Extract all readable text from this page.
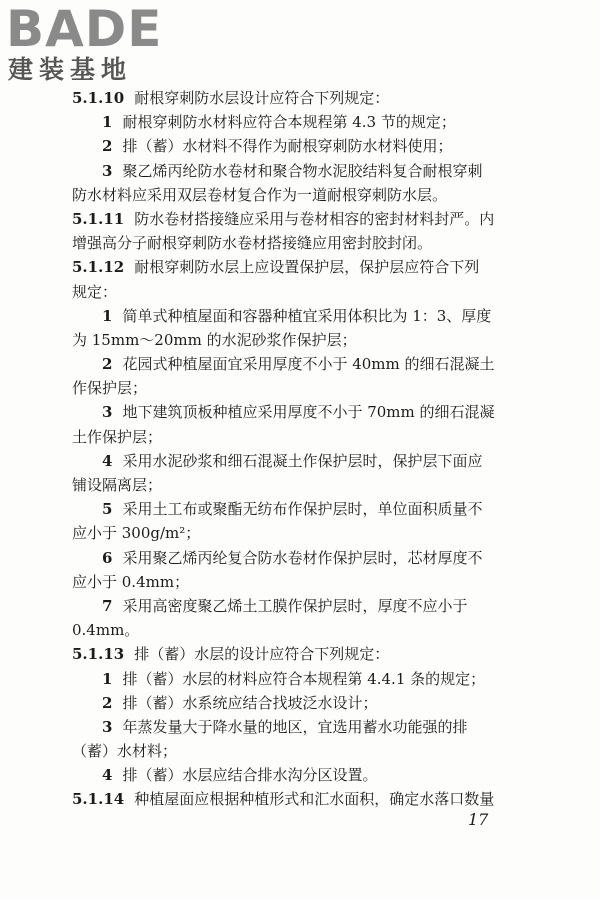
BADE
建装基地
5.1.10 耐根穿刺防水层设计应符合下列规定：
1 耐根穿刺防水材料应符合本规程第 4.3 节的规定；
2 排（蓄）水材料不得作为耐根穿刺防水材料使用；
3 聚乙烯丙纶防水卷材和聚合物水泥胶结料复合耐根穿刺
防水材料应采用双层卷材复合作为一道耐根穿刺防水层。
5.1.11 防水卷材搭接缝应采用与卷材相容的密封材料封严。内
增强高分子耐根穿刺防水卷材搭接缝应用密封胶封闭。
5.1.12 耐根穿刺防水层上应设置保护层，保护层应符合下列
规定：
1 简单式种植屋面和容器种植宜采用体积比为 1：3、厚度
为 15mm～20mm 的水泥砂浆作保护层；
2 花园式种植屋面宜采用厚度不小于 40mm 的细石混凝土
作保护层；
3 地下建筑顶板种植应采用厚度不小于 70mm 的细石混凝
土作保护层；
4 采用水泥砂浆和细石混凝土作保护层时，保护层下面应
铺设隔离层；
5 采用土工布或聚酯无纺布作保护层时，单位面积质量不
应小于 300g/m²；
6 采用聚乙烯丙纶复合防水卷材作保护层时，芯材厚度不
应小于 0.4mm；
7 采用高密度聚乙烯土工膜作保护层时，厚度不应小于
0.4mm。
5.1.13 排（蓄）水层的设计应符合下列规定：
1 排（蓄）水层的材料应符合本规程第 4.4.1 条的规定；
2 排（蓄）水系统应结合找坡泛水设计；
3 年蒸发量大于降水量的地区，宜选用蓄水功能强的排
（蓄）水材料；
4 排（蓄）水层应结合排水沟分区设置。
5.1.14 种植屋面应根据种植形式和汇水面积，确定水落口数量
17
